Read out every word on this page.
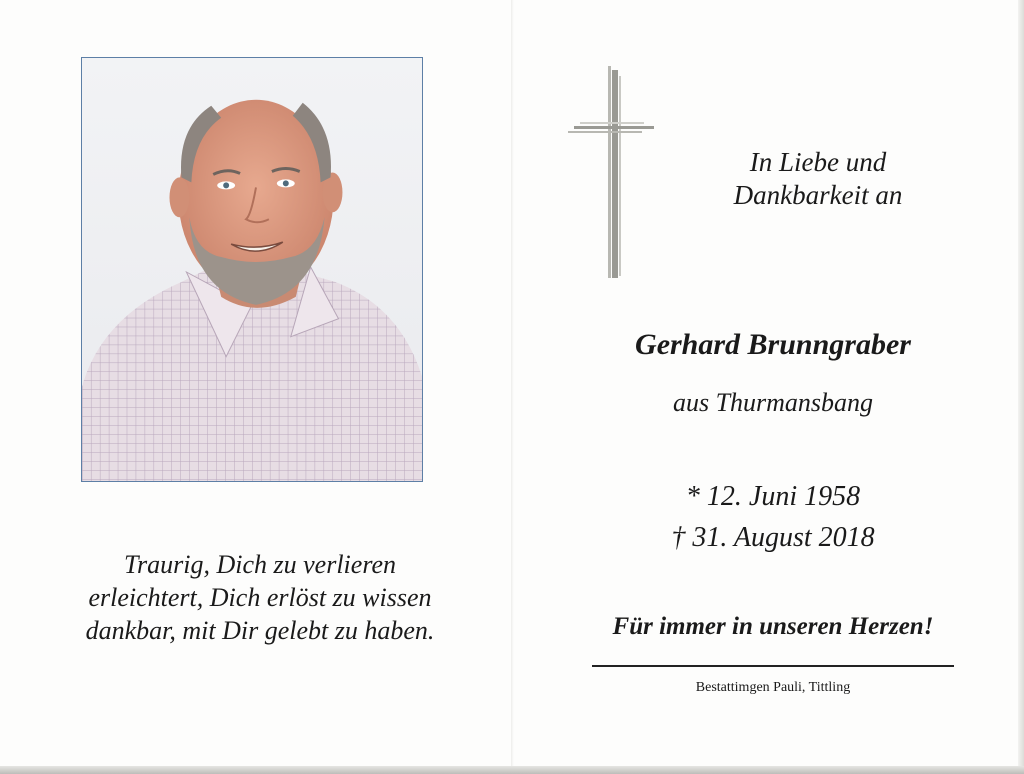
Traurig, Dich zu verlieren
erleichtert, Dich erlöst zu wissen
dankbar, mit Dir gelebt zu haben.
In Liebe und
Dankbarkeit an
Gerhard Brunngraber
aus Thurmansbang
* 12. Juni 1958
† 31. August 2018
Für immer in unseren Herzen!
Bestattimgen Pauli, Tittling
